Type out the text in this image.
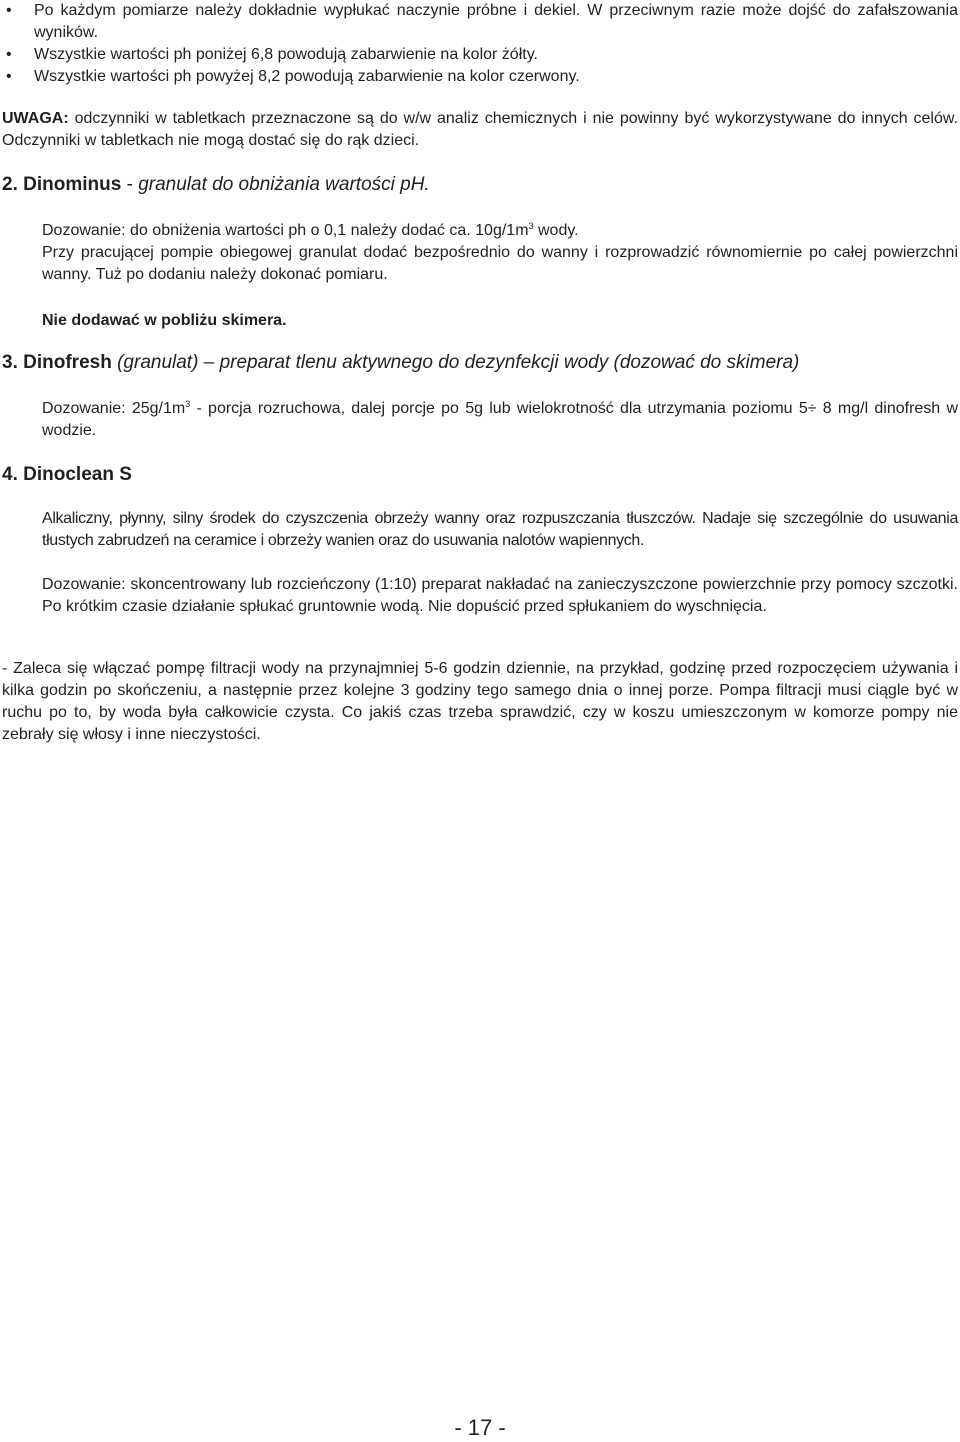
• Po każdym pomiarze należy dokładnie wypłukać naczynie próbne i dekiel. W przeciwnym razie może dojść do zafałszowania wyników.
• Wszystkie wartości ph poniżej 6,8 powodują zabarwienie na kolor żółty.
• Wszystkie wartości ph powyżej 8,2 powodują zabarwienie na kolor czerwony.

UWAGA: odczynniki w tabletkach przeznaczone są do w/w analiz chemicznych i nie powinny być wykorzystywane do innych celów. Odczynniki w tabletkach nie mogą dostać się do rąk dzieci.

2. Dinominus - granulat do obniżania wartości pH.

Dozowanie: do obniżenia wartości ph o 0,1 należy dodać ca. $10g/1m^3$ wody.

Przy pracującej pompie obiegowej granulat dodać bezpośrednio do wanny i rozprowadzić równomiernie po całej powierzchni wanny. Tuż po dodaniu należy dokonać pomiaru.

Nie dodawać w pobliżu skimera.

3. Dinofresh (granulat) – preparat tlenu aktywnego do dezynfekcji wody (dozować do skimera)

Dozowanie: $25g/1m^3$ - porcja rozruchowa, dalej porcje po 5g lub wielokrotność dla utrzymania poziomu 5÷ 8 mg/l dinofresh w wodzie.

4. Dinoclean S

Alkaliczny, płynny, silny środek do czyszczenia obrzeży wanny oraz rozpuszczania tłuszczów. Nadaje się szczególnie do usuwania tłustych zabrudzeń na ceramice i obrzeży wanien oraz do usuwania nalotów wapiennych.

Dozowanie: skoncentrowany lub rozcieńczony (1:10) preparat nakładać na zanieczyszczone powierzchnie przy pomocy szczotki. Po krótkim czasie działanie spłukać gruntownie wodą. Nie dopuścić przed spłukaniem do wyschnięcia.

- Zaleca się włączać pompę filtracji wody na przynajmniej 5-6 godzin dziennie, na przykład, godzinę przed rozpoczęciem używania i kilka godzin po skończeniu, a następnie przez kolejne 3 godziny tego samego dnia o innej porze. Pompa filtracji musi ciągle być w ruchu po to, by woda była całkowicie czysta. Co jakiś czas trzeba sprawdzić, czy w koszu umieszczonym w komorze pompy nie zebrały się włosy i inne nieczystości.

- 17 -
